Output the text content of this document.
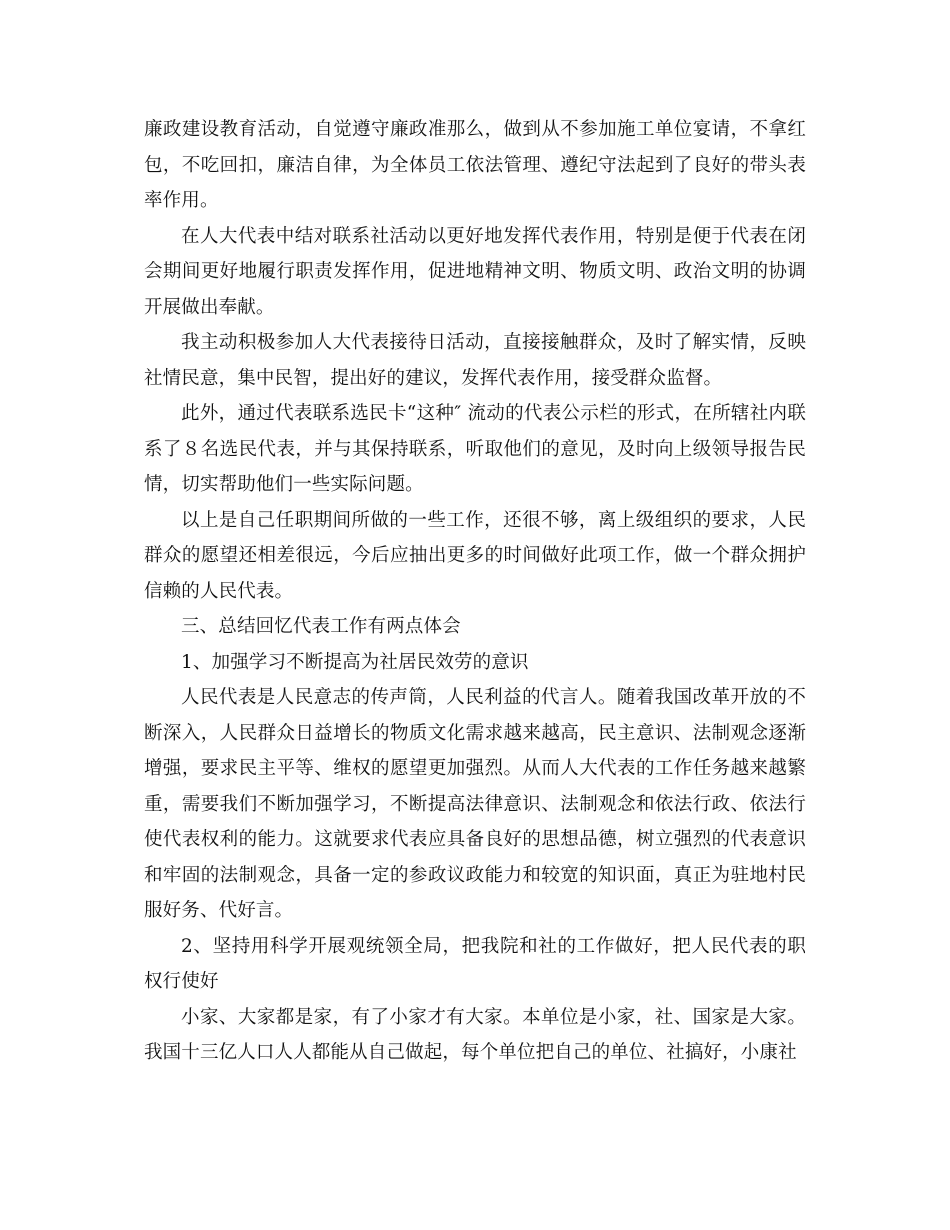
廉政建设教育活动，自觉遵守廉政准那么，做到从不参加施工单位宴请，不拿红包，不吃回扣，廉洁自律，为全体员工依法管理、遵纪守法起到了良好的带头表率作用。

在人大代表中结对联系社活动以更好地发挥代表作用，特别是便于代表在闭会期间更好地履行职责发挥作用，促进地精神文明、物质文明、政治文明的协调开展做出奉献。

我主动积极参加人大代表接待日活动，直接接触群众，及时了解实情，反映社情民意，集中民智，提出好的建议，发挥代表作用，接受群众监督。

此外，通过代表联系选民卡“这种″ 流动的代表公示栏的形式，在所辖社内联系了８名选民代表，并与其保持联系，听取他们的意见，及时向上级领导报告民情，切实帮助他们一些实际问题。

以上是自己任职期间所做的一些工作，还很不够，离上级组织的要求，人民群众的愿望还相差很远，今后应抽出更多的时间做好此项工作，做一个群众拥护信赖的人民代表。

三、总结回忆代表工作有两点体会

1、加强学习不断提高为社居民效劳的意识

人民代表是人民意志的传声筒，人民利益的代言人。随着我国改革开放的不断深入，人民群众日益增长的物质文化需求越来越高，民主意识、法制观念逐渐增强，要求民主平等、维权的愿望更加强烈。从而人大代表的工作任务越来越繁重，需要我们不断加强学习，不断提高法律意识、法制观念和依法行政、依法行使代表权利的能力。这就要求代表应具备良好的思想品德，树立强烈的代表意识和牢固的法制观念，具备一定的参政议政能力和较宽的知识面，真正为驻地村民服好务、代好言。

2、坚持用科学开展观统领全局，把我院和社的工作做好，把人民代表的职权行使好

小家、大家都是家，有了小家才有大家。本单位是小家，社、国家是大家。我国十三亿人口人人都能从自己做起，每个单位把自己的单位、社搞好，小康社
